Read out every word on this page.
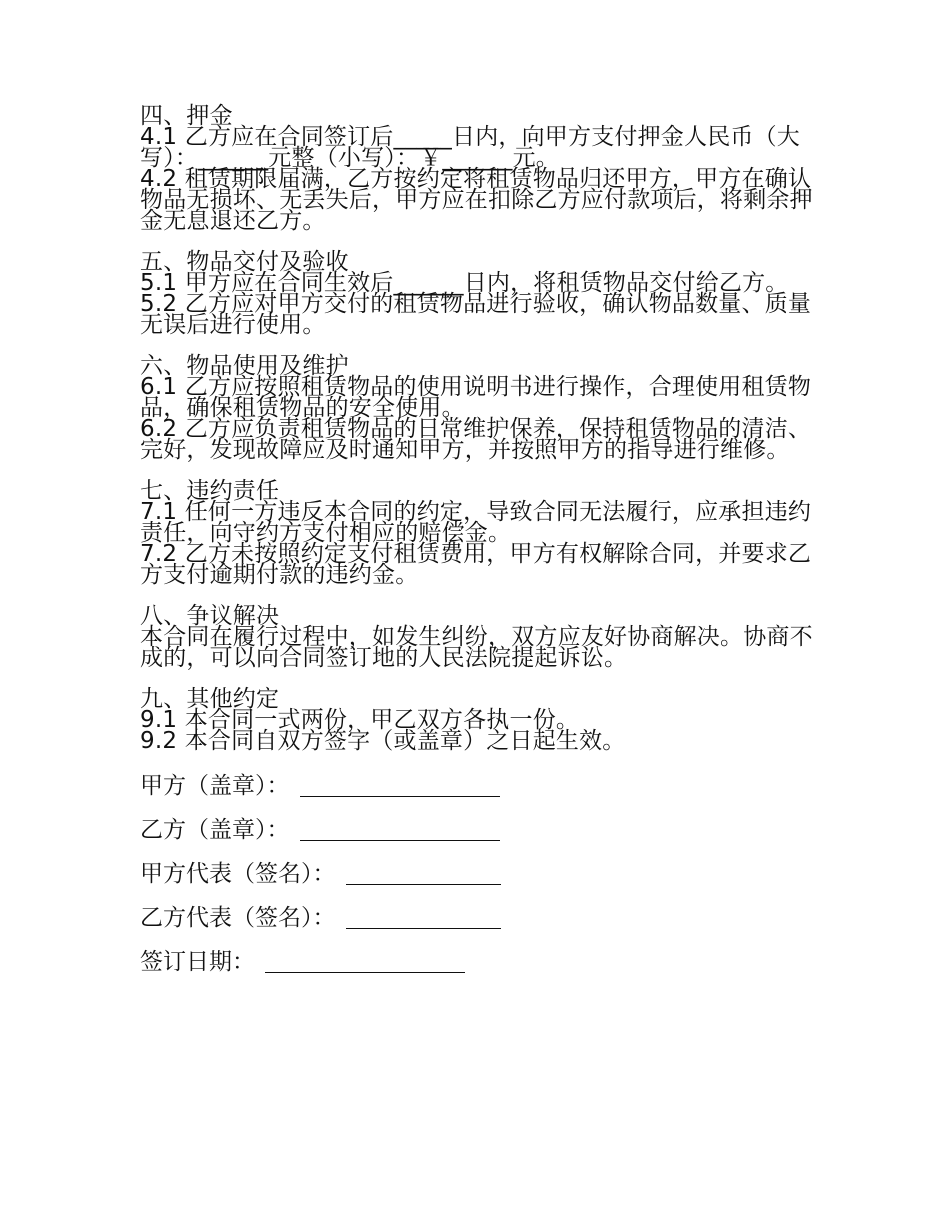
四、押金

4.1 乙方应在合同签订后_____日内，向甲方支付押金人民币（大写）：______元整（小写）：￥______元。

4.2 租赁期限届满，乙方按约定将租赁物品归还甲方，甲方在确认物品无损坏、无丢失后，甲方应在扣除乙方应付款项后，将剩余押金无息退还乙方。

五、物品交付及验收

5.1 甲方应在合同生效后______日内，将租赁物品交付给乙方。

5.2 乙方应对甲方交付的租赁物品进行验收，确认物品数量、质量无误后进行使用。

六、物品使用及维护

6.1 乙方应按照租赁物品的使用说明书进行操作，合理使用租赁物品，确保租赁物品的安全使用。

6.2 乙方应负责租赁物品的日常维护保养，保持租赁物品的清洁、完好，发现故障应及时通知甲方，并按照甲方的指导进行维修。

七、违约责任

7.1 任何一方违反本合同的约定，导致合同无法履行，应承担违约责任，向守约方支付相应的赔偿金。

7.2 乙方未按照约定支付租赁费用，甲方有权解除合同，并要求乙方支付逾期付款的违约金。

八、争议解决

本合同在履行过程中，如发生纠纷，双方应友好协商解决。协商不成的，可以向合同签订地的人民法院提起诉讼。

九、其他约定

9.1 本合同一式两份，甲乙双方各执一份。

9.2 本合同自双方签字（或盖章）之日起生效。

甲方（盖章）：
乙方（盖章）：
甲方代表（签名）：
乙方代表（签名）：
签订日期：
